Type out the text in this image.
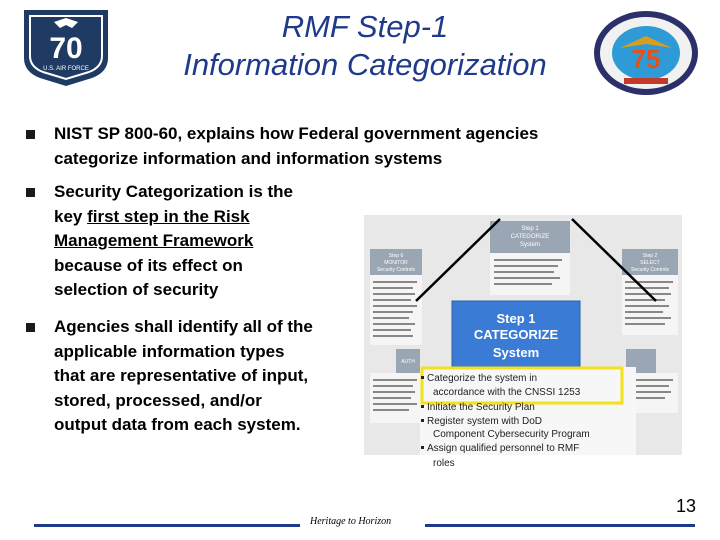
RMF Step-1
Information Categorization
70
U.S. AIR FORCE	75
NIST SP 800-60, explains how Federal government agencies
categorize information and information systems
Security Categorization is the
key first step in the Risk
Management Framework
because of its effect on
selection of security
Agencies shall identify all of the
applicable information types
that are representative of input,
stored, processed, and/or
output data from each system.
Step 1
CATEGORIZE
System
Step 6
MONITOR
Security Controls
Step 2
SELECT
Security Controls
AUTH
Step 1
CATEGORIZE
System
Categorize the system in
accordance with the CNSSI 1253
Initiate the Security Plan
Register system with DoD
Component Cybersecurity Program
Assign qualified personnel to RMF
roles
Heritage to Horizon
13
